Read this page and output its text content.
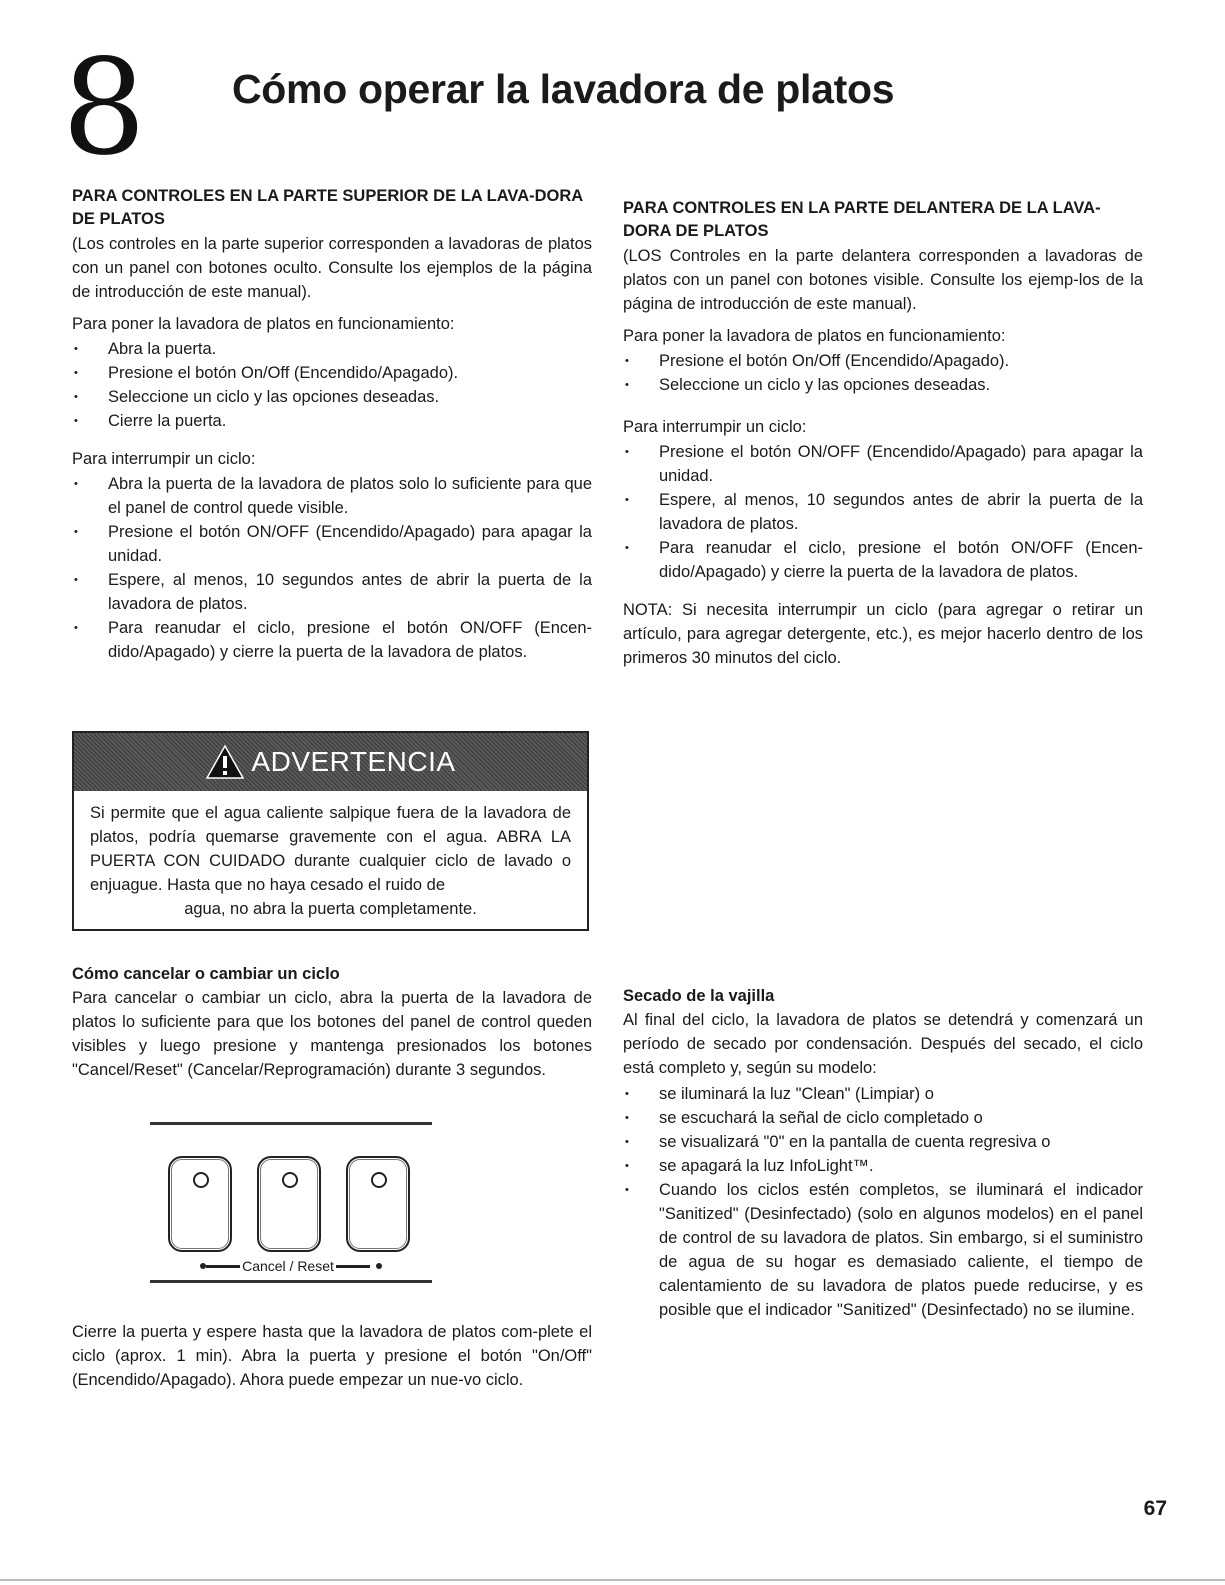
8 Cómo operar la lavadora de platos
PARA CONTROLES EN LA PARTE SUPERIOR DE LA LAVA-DORA DE PLATOS

(Los controles en la parte superior corresponden a lavadoras de platos con un panel con botones oculto. Consulte los ejemplos de la página de introducción de este manual).

Para poner la lavadora de platos en funcionamiento:

• Abra la puerta.
• Presione el botón On/Off (Encendido/Apagado).
• Seleccione un ciclo y las opciones deseadas.
• Cierre la puerta.

Para interrumpir un ciclo:

• Abra la puerta de la lavadora de platos solo lo suficiente para que el panel de control quede visible.
• Presione el botón ON/OFF (Encendido/Apagado) para apagar la unidad.
• Espere, al menos, 10 segundos antes de abrir la puerta de la lavadora de platos.
• Para reanudar el ciclo, presione el botón ON/OFF (Encen-dido/Apagado) y cierre la puerta de la lavadora de platos.
PARA CONTROLES EN LA PARTE DELANTERA DE LA LAVA-DORA DE PLATOS

(LOS Controles en la parte delantera corresponden a lavadoras de platos con un panel con botones visible. Consulte los ejemp-los de la página de introducción de este manual).

Para poner la lavadora de platos en funcionamiento:

• Presione el botón On/Off (Encendido/Apagado).
• Seleccione un ciclo y las opciones deseadas.

Para interrumpir un ciclo:

• Presione el botón ON/OFF (Encendido/Apagado) para apagar la unidad.
• Espere, al menos, 10 segundos antes de abrir la puerta de la lavadora de platos.
• Para reanudar el ciclo, presione el botón ON/OFF (Encen-dido/Apagado) y cierre la puerta de la lavadora de platos.

NOTA: Si necesita interrumpir un ciclo (para agregar o retirar un artículo, para agregar detergente, etc.), es mejor hacerlo dentro de los primeros 30 minutos del ciclo.

ADVERTENCIA

Si permite que el agua caliente salpique fuera de la lavadora de platos, podría quemarse gravemente con el agua. ABRA LA PUERTA CON CUIDADO durante cualquier ciclo de lavado o enjuague. Hasta que no haya cesado el ruido de

agua, no abra la puerta completamente.

Cómo cancelar o cambiar un ciclo

Para cancelar o cambiar un ciclo, abra la puerta de la lavadora de platos lo suficiente para que los botones del panel de control queden visibles y luego presione y mantenga presionados los botones "Cancel/Reset" (Cancelar/Reprogramación) durante 3 segundos.

Cancel / Reset

Cierre la puerta y espere hasta que la lavadora de platos com-plete el ciclo (aprox. 1 min). Abra la puerta y presione el botón "On/Off" (Encendido/Apagado). Ahora puede empezar un nue-vo ciclo.

Secado de la vajilla

Al final del ciclo, la lavadora de platos se detendrá y comenzará un período de secado por condensación. Después del secado, el ciclo está completo y, según su modelo:

• se iluminará la luz "Clean" (Limpiar) o
• se escuchará la señal de ciclo completado o
• se visualizará "0" en la pantalla de cuenta regresiva o
• se apagará la luz InfoLight™.
• Cuando los ciclos estén completos, se iluminará el indicador "Sanitized" (Desinfectado) (solo en algunos modelos) en el panel de control de su lavadora de platos. Sin embargo, si el suministro de agua de su hogar es demasiado caliente, el tiempo de calentamiento de su lavadora de platos puede reducirse, y es posible que el indicador "Sanitized" (Desinfectado) no se ilumine.
67
